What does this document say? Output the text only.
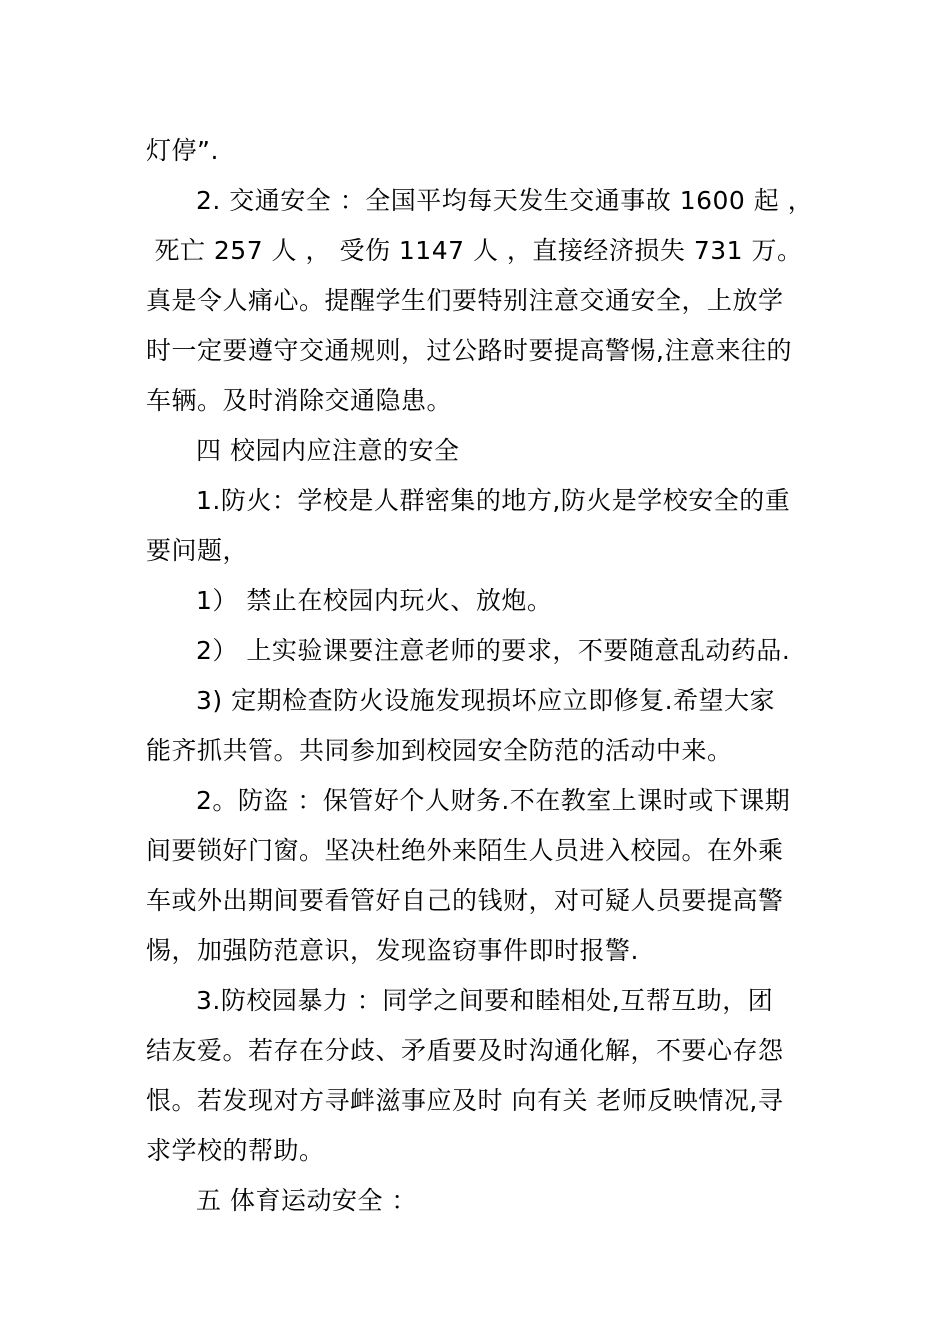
灯停”.
2. 交通安全 ：全国平均每天发生交通事故 1600 起 ，
死亡 257 人 ， 受伤 1147 人 ，直接经济损失 731 万。
真是令人痛心。提醒学生们要特别注意交通安全，上放学
时一定要遵守交通规则，过公路时要提高警惕,注意来往的
车辆。及时消除交通隐患。
四 校园内应注意的安全
1.防火：学校是人群密集的地方,防火是学校安全的重
要问题，
1） 禁止在校园内玩火、放炮。
2） 上实验课要注意老师的要求，不要随意乱动药品.
3) 定期检查防火设施发现损坏应立即修复.希望大家
能齐抓共管。共同参加到校园安全防范的活动中来。
2。防盗 ：保管好个人财务.不在教室上课时或下课期
间要锁好门窗。坚决杜绝外来陌生人员进入校园。在外乘
车或外出期间要看管好自己的钱财，对可疑人员要提高警
惕，加强防范意识，发现盗窃事件即时报警.
3.防校园暴力 ：同学之间要和睦相处,互帮互助，团
结友爱。若存在分歧、矛盾要及时沟通化解，不要心存怨
恨。若发现对方寻衅滋事应及时 向有关 老师反映情况,寻
求学校的帮助。
五 体育运动安全 ：
